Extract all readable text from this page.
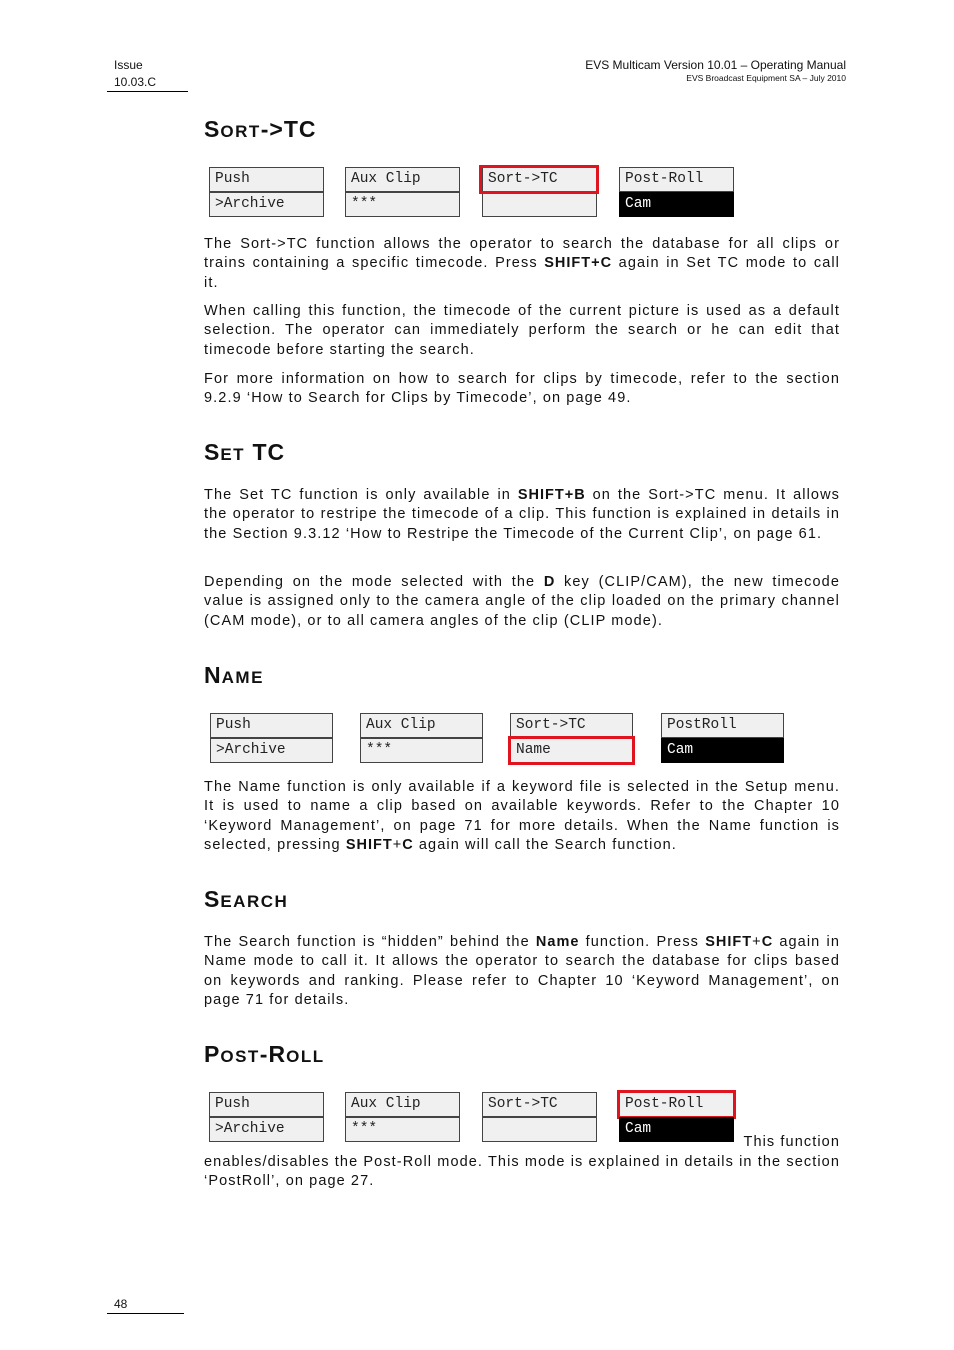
Issue
10.03.C
EVS Multicam Version 10.01 – Operating Manual
EVS Broadcast Equipment SA – July 2010
SORT->TC
Push
>Archive
Aux Clip
***
Sort->TC	Post-Roll
Cam

The Sort->TC function allows the operator to search the database for all clips or trains containing a specific timecode. Press SHIFT+C again in Set TC mode to call it.

When calling this function, the timecode of the current picture is used as a default selection. The operator can immediately perform the search or he can edit that timecode before starting the search.

For more information on how to search for clips by timecode, refer to the section 9.2.9 ‘How to Search for Clips by Timecode’, on page 49.

SET TC

The Set TC function is only available in SHIFT+B on the Sort->TC menu. It allows the operator to restripe the timecode of a clip. This function is explained in details in the Section 9.3.12 ‘How to Restripe the Timecode of the Current Clip’, on page 61.

Depending on the mode selected with the D key (CLIP/CAM), the new timecode value is assigned only to the camera angle of the clip loaded on the primary channel (CAM mode), or to all camera angles of the clip (CLIP mode).

NAME
Push
>Archive
Aux Clip
***
Sort->TC
Name
PostRoll
Cam

The Name function is only available if a keyword file is selected in the Setup menu. It is used to name a clip based on available keywords. Refer to the Chapter 10 ‘Keyword Management’, on page 71 for more details. When the Name function is selected, pressing SHIFT+C again will call the Search function.

SEARCH

The Search function is “hidden” behind the Name function. Press SHIFT+C again in Name mode to call it. It allows the operator to search the database for clips based on keywords and ranking. Please refer to Chapter 10 ‘Keyword Management’, on page 71 for details.

POST-ROLL
Push
>Archive
Aux Clip
***
Sort->TC	Post-Roll
Cam
This function

enables/disables the Post-Roll mode. This mode is explained in details in the section ‘PostRoll’, on page 27.

48
